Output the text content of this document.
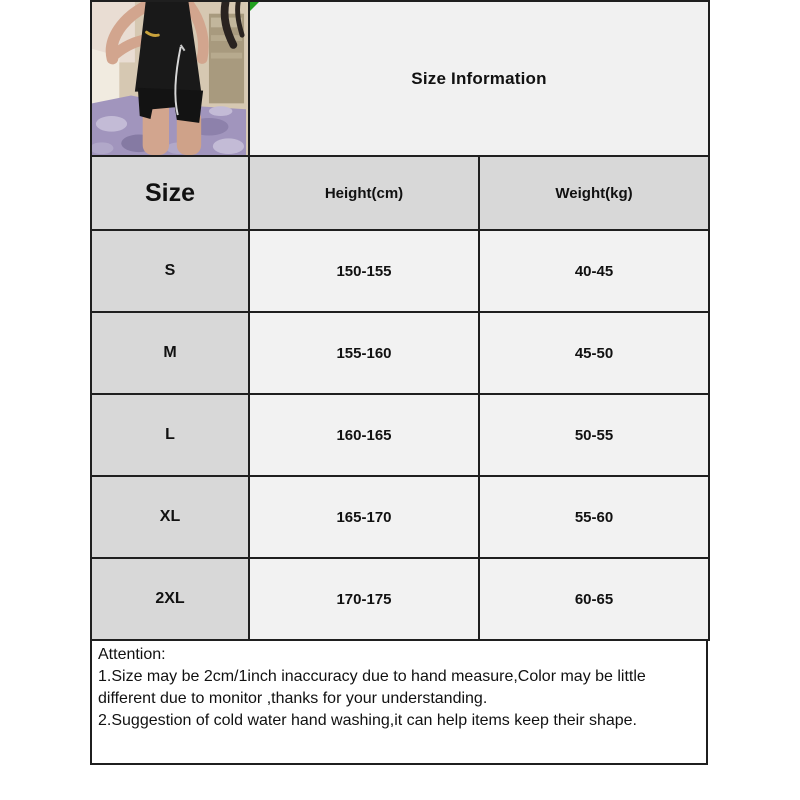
Size Information	
Size	Height(cm)	Weight(kg)
S	150-155	40-45
M	155-160	45-50
L	160-165	50-55
XL	165-170	55-60
2XL	170-175	60-65
Attention:
1.Size may be 2cm/1inch inaccuracy due to hand measure,Color may be little different due to monitor ,thanks for your understanding.
2.Suggestion of cold water hand washing,it can help items keep their shape.
